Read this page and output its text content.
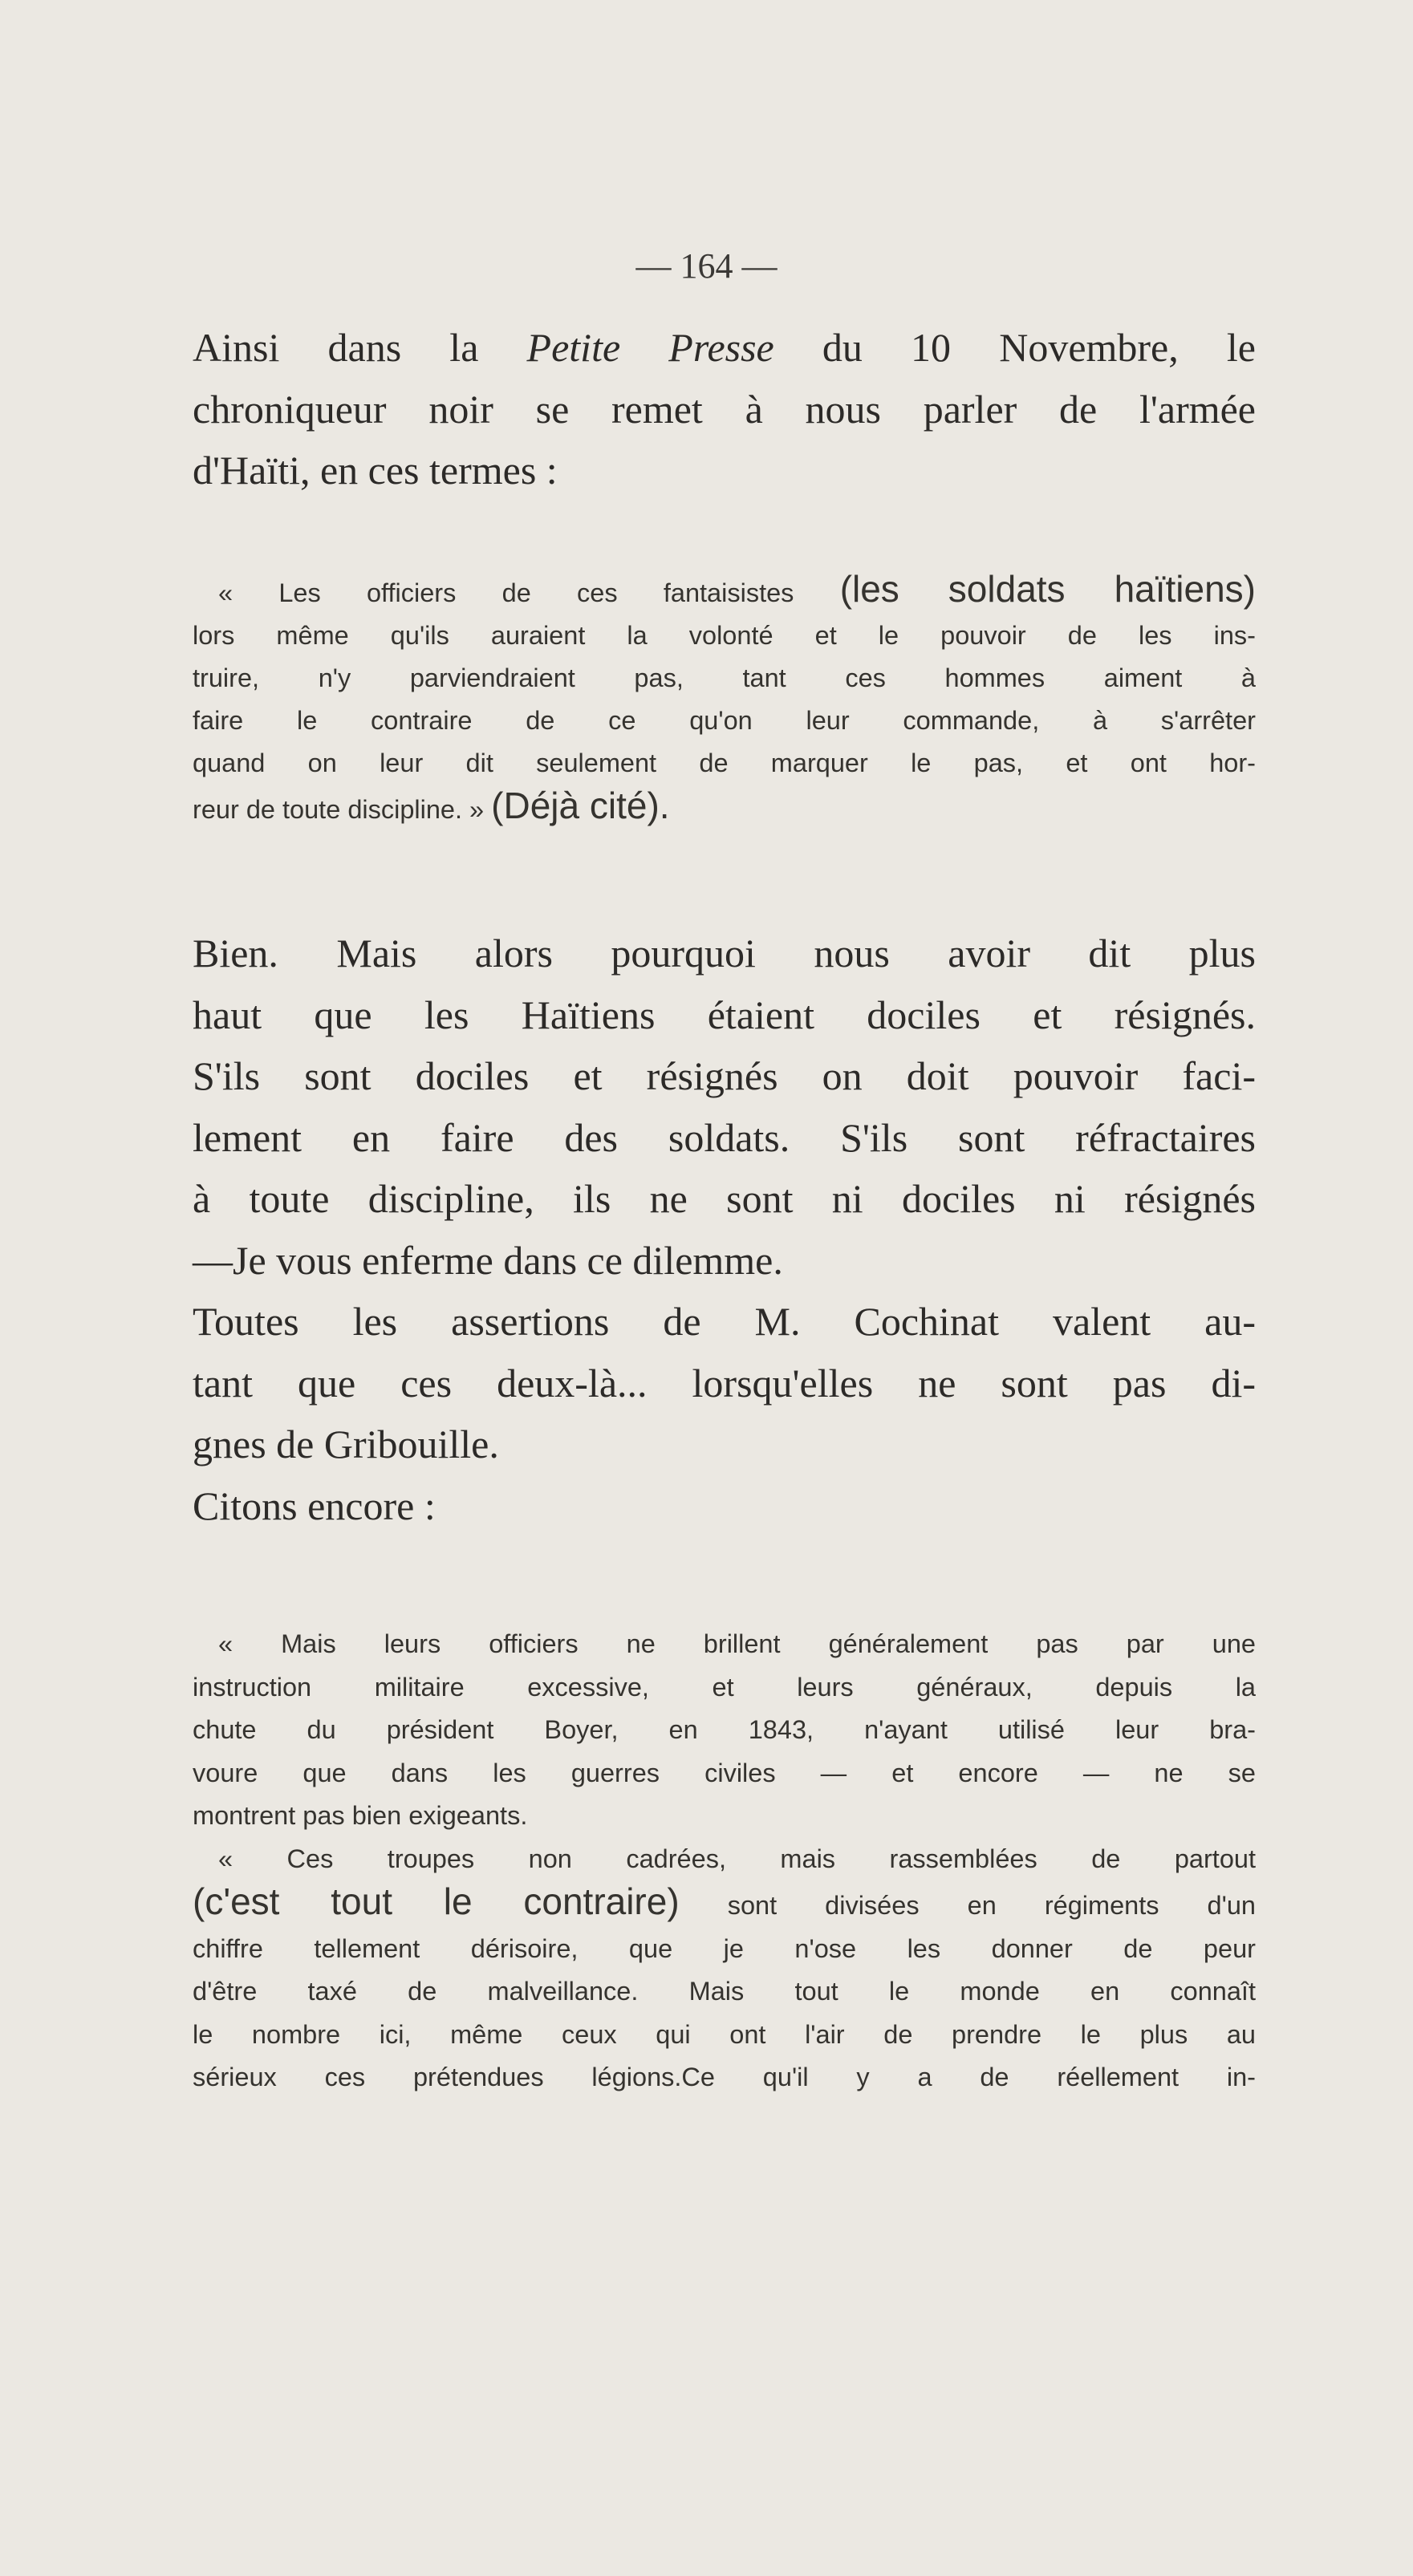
— 164 —
Ainsi dans la Petite Presse du 10 Novembre, le
chroniqueur noir se remet à nous parler de l'armée
d'Haïti, en ces termes :
« Les officiers de ces fantaisistes (les soldats haïtiens)
lors même qu'ils auraient la volonté et le pouvoir de les ins-
truire, n'y parviendraient pas, tant ces hommes aiment à
faire le contraire de ce qu'on leur commande, à s'arrêter
quand on leur dit seulement de marquer le pas, et ont hor-
reur de toute discipline. » (Déjà cité).
Bien. Mais alors pourquoi nous avoir dit plus
haut que les Haïtiens étaient dociles et résignés.
S'ils sont dociles et résignés on doit pouvoir faci-
lement en faire des soldats. S'ils sont réfractaires
à toute discipline, ils ne sont ni dociles ni résignés
—Je vous enferme dans ce dilemme.
Toutes les assertions de M. Cochinat valent au-
tant que ces deux-là... lorsqu'elles ne sont pas di-
gnes de Gribouille.
Citons encore :
« Mais leurs officiers ne brillent généralement pas par une
instruction militaire excessive, et leurs généraux, depuis la
chute du président Boyer, en 1843, n'ayant utilisé leur bra-
voure que dans les guerres civiles — et encore — ne se
montrent pas bien exigeants.
« Ces troupes non cadrées, mais rassemblées de partout
(c'est tout le contraire) sont divisées en régiments d'un
chiffre tellement dérisoire, que je n'ose les donner de peur
d'être taxé de malveillance. Mais tout le monde en connaît
le nombre ici, même ceux qui ont l'air de prendre le plus au
sérieux ces prétendues légions.Ce qu'il y a de réellement in-
